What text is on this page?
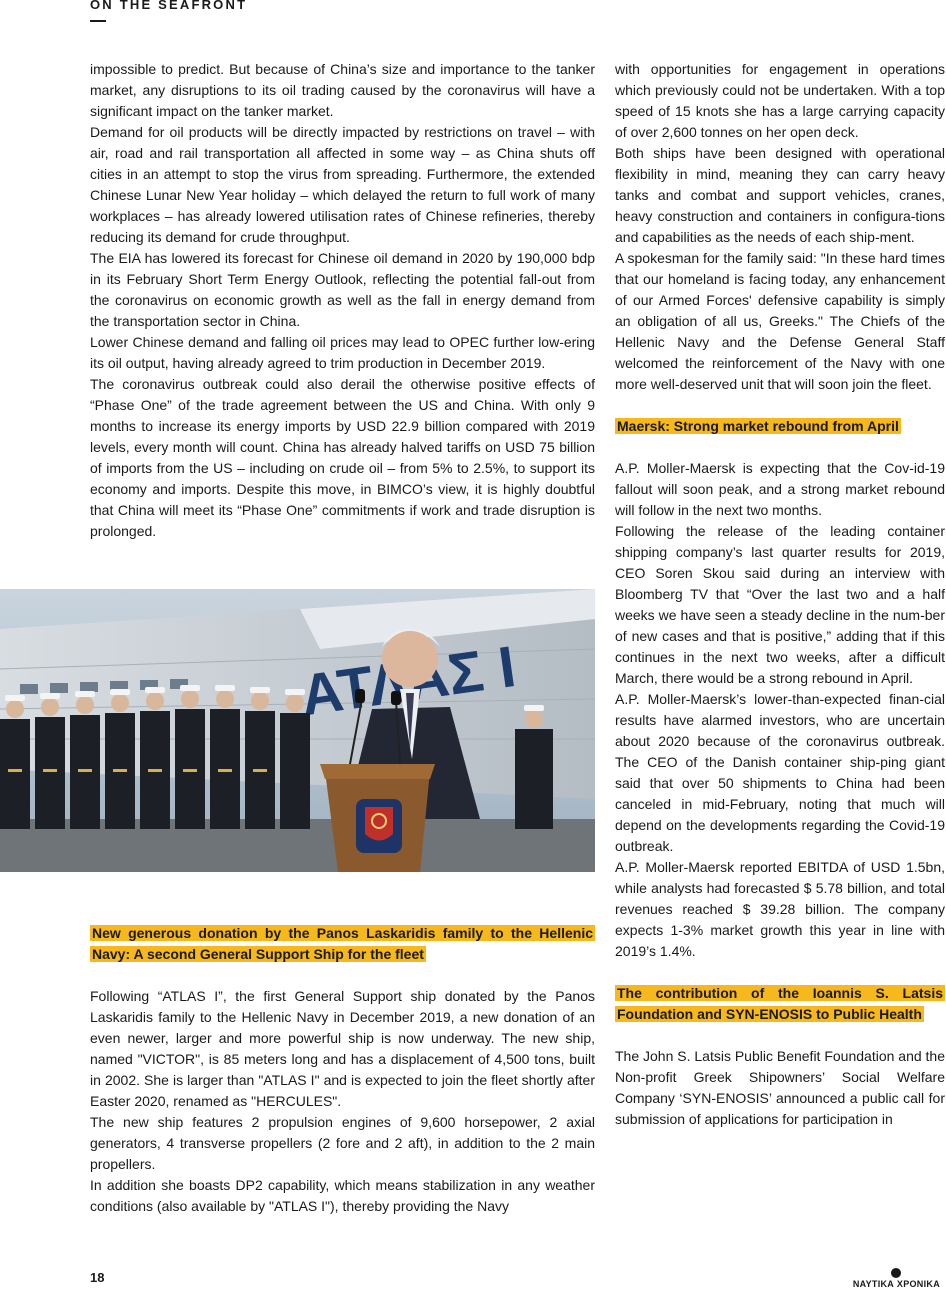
ON THE SEAFRONT

impossible to predict. But because of China’s size and importance to the tanker market, any disruptions to its oil trading caused by the coronavirus will have a significant impact on the tanker market.

Demand for oil products will be directly impacted by restrictions on travel – with air, road and rail transportation all affected in some way – as China shuts off cities in an attempt to stop the virus from spreading. Furthermore, the extended Chinese Lunar New Year holiday – which delayed the return to full work of many workplaces – has already lowered utilisation rates of Chinese refineries, thereby reducing its demand for crude throughput.

The EIA has lowered its forecast for Chinese oil demand in 2020 by 190,000 bdp in its February Short Term Energy Outlook, reflecting the potential fall-out from the coronavirus on economic growth as well as the fall in energy demand from the transportation sector in China.

Lower Chinese demand and falling oil prices may lead to OPEC further low-ering its oil output, having already agreed to trim production in December 2019.

The coronavirus outbreak could also derail the otherwise positive effects of “Phase One” of the trade agreement between the US and China. With only 9 months to increase its energy imports by USD 22.9 billion compared with 2019 levels, every month will count. China has already halved tariffs on USD 75 billion of imports from the US – including on crude oil – from 5% to 2.5%, to support its economy and imports. Despite this move, in BIMCO’s view, it is highly doubtful that China will meet its “Phase One” commitments if work and trade disruption is prolonged.

ΑΤΛΑΣ Ι
New generous donation by the Panos Laskaridis family to the Hellenic Navy: A second General Support Ship for the fleet

Following “ATLAS I”, the first General Support ship donated by the Panos Laskaridis family to the Hellenic Navy in December 2019, a new donation of an even newer, larger and more powerful ship is now underway. The new ship, named "VICTOR", is 85 meters long and has a displacement of 4,500 tons, built in 2002. She is larger than "ATLAS I" and is expected to join the fleet shortly after Easter 2020, renamed as "HERCULES".

The new ship features 2 propulsion engines of 9,600 horsepower, 2 axial generators, 4 transverse propellers (2 fore and 2 aft), in addition to the 2 main propellers.

In addition she boasts DP2 capability, which means stabilization in any weather conditions (also available by "ATLAS I"), thereby providing the Navy

with opportunities for engagement in operations which previously could not be undertaken. With a top speed of 15 knots she has a large carrying capacity of over 2,600 tonnes on her open deck.

Both ships have been designed with operational flexibility in mind, meaning they can carry heavy tanks and combat and support vehicles, cranes, heavy construction and containers in configura-tions and capabilities as the needs of each ship-ment.

A spokesman for the family said: "In these hard times that our homeland is facing today, any enhancement of our Armed Forces' defensive capability is simply an obligation of all us, Greeks." The Chiefs of the Hellenic Navy and the Defense General Staff welcomed the reinforcement of the Navy with one more well-deserved unit that will soon join the fleet.

Maersk: Strong market rebound from April

A.P. Moller-Maersk is expecting that the Cov-id-19 fallout will soon peak, and a strong market rebound will follow in the next two months.

Following the release of the leading container shipping company’s last quarter results for 2019, CEO Soren Skou said during an interview with Bloomberg TV that “Over the last two and a half weeks we have seen a steady decline in the num-ber of new cases and that is positive,” adding that if this continues in the next two weeks, after a difficult March, there would be a strong rebound in April.

A.P. Moller-Maersk’s lower-than-expected finan-cial results have alarmed investors, who are uncertain about 2020 because of the coronavirus outbreak. The CEO of the Danish container ship-ping giant said that over 50 shipments to China had been canceled in mid-February, noting that much will depend on the developments regarding the Covid-19 outbreak.

A.P. Moller-Maersk reported EBITDA of USD 1.5bn, while analysts had forecasted $ 5.78 billion, and total revenues reached $ 39.28 billion. The company expects 1-3% market growth this year in line with 2019’s 1.4%.

The contribution of the Ioannis S. Latsis Foundation and SYN-ENOSIS to Public Health

The John S. Latsis Public Benefit Foundation and the Non-profit Greek Shipowners’ Social Welfare Company ‘SYN-ENOSIS’ announced a public call for submission of applications for participation in

18	ΝΑΥΤΙΚΑ ΧΡΟΝΙΚΑ
